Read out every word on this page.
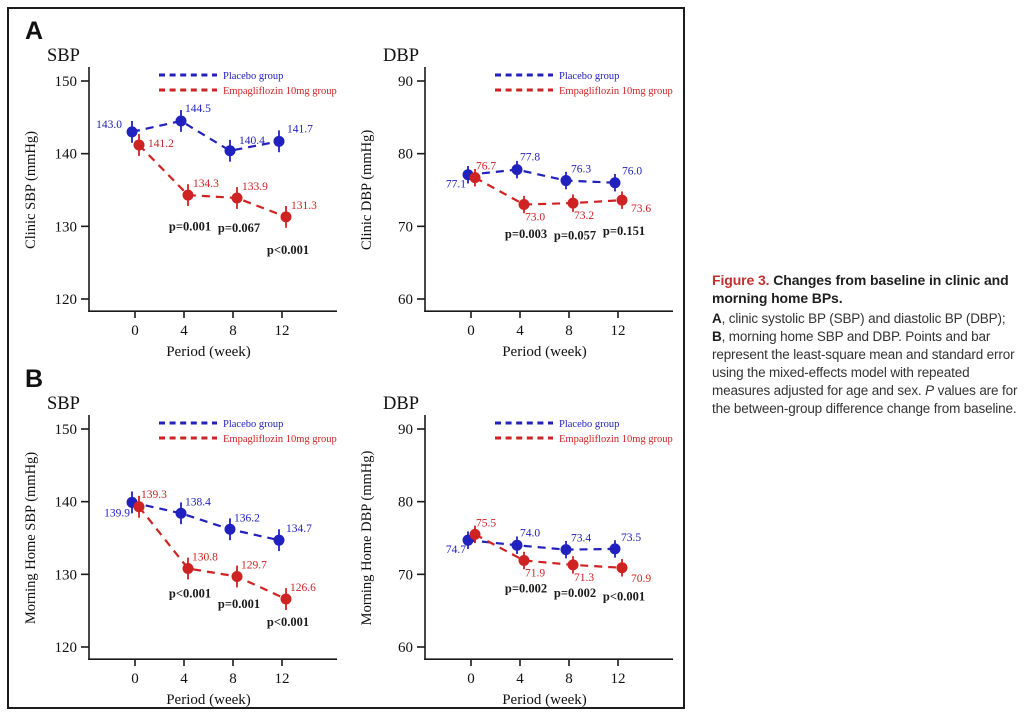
A
B
SBP
120
130
140
150
0	4	8	12
Period (week)
Clinic SBP (mmHg)
Placebo group
Empagliflozin 10mg group
143.0
144.5
140.4
141.7
141.2
134.3 133.9
131.3
p=0.001 p=0.067
p<0.001
DBP
60
70
80
90
0	4	8	12
Period (week)
Clinic DBP (mmHg)
Placebo group
Empagliflozin 10mg group
77.1
77.8
76.3	76.0
76.7
73.0	73.2
73.6
p=0.003 p=0.057 p=0.151
SBP
120
130
140
150
0	4	8	12
Period (week)
Morning Home SBP (mmHg)
Placebo group
Empagliflozin 10mg group
139.9
138.4
136.2
134.7
139.3
130.8
129.7
126.6
p<0.001
p=0.001
p<0.001
DBP
60
70
80
90
0	4	8	12
Period (week)
Morning Home DBP (mmHg)
Placebo group
Empagliflozin 10mg group
74.7
74.0	73.4	73.5
75.5
71.9	71.3	70.9
p=0.002 p=0.002 p<0.001

Figure 3. Changes from baseline in clinic and morning home BPs.

A, clinic systolic BP (SBP) and diastolic BP (DBP); B, morning home SBP and DBP. Points and bar represent the least-square mean and standard error using the mixed-effects model with repeated measures adjusted for age and sex. P values are for the between-group difference change from baseline.
